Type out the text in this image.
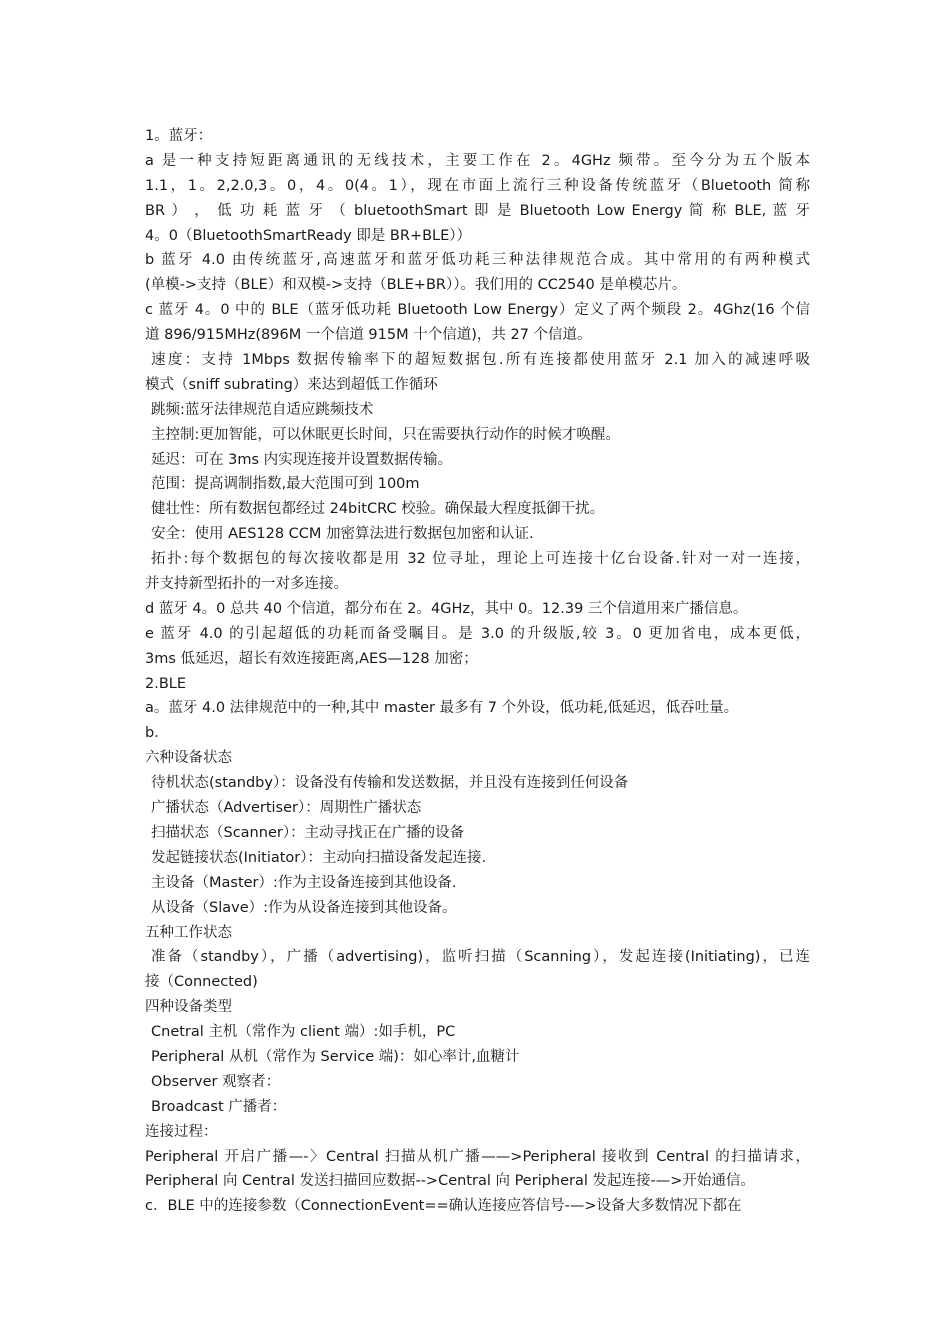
1。蓝牙：
a 是一种支持短距离通讯的无线技术，主要工作在 2。4GHz 频带。至今分为五个版本
1.1，1。2,2.0,3。0，4。0(4。1），现在市面上流行三种设备传统蓝牙（Bluetooth 简称
BR ） ， 低 功 耗 蓝 牙 （ bluetoothSmart 即 是 Bluetooth Low Energy 简 称 BLE, 蓝 牙
4。0（BluetoothSmartReady 即是 BR+BLE））
b 蓝牙 4.0 由传统蓝牙,高速蓝牙和蓝牙低功耗三种法律规范合成。其中常用的有两种模式
(单模->支持（BLE）和双模->支持（BLE+BR））。我们用的 CC2540 是单模芯片。
c 蓝牙 4。0 中的 BLE（蓝牙低功耗 Bluetooth Low Energy）定义了两个频段 2。4Ghz(16 个信
道 896/915MHz(896M 一个信道 915M 十个信道)，共 27 个信道。
速度：支持 1Mbps 数据传输率下的超短数据包.所有连接都使用蓝牙 2.1 加入的减速呼吸
模式（sniff subrating）来达到超低工作循环
跳频:蓝牙法律规范自适应跳频技术
主控制:更加智能，可以休眠更长时间，只在需要执行动作的时候才唤醒。
延迟：可在 3ms 内实现连接并设置数据传输。
范围：提高调制指数,最大范围可到 100m
健壮性：所有数据包都经过 24bitCRC 校验。确保最大程度抵御干扰。
安全：使用 AES128 CCM 加密算法进行数据包加密和认证.
拓扑:每个数据包的每次接收都是用 32 位寻址，理论上可连接十亿台设备.针对一对一连接，
并支持新型拓扑的一对多连接。
d 蓝牙 4。0 总共 40 个信道，都分布在 2。4GHz，其中 0。12.39 三个信道用来广播信息。
e 蓝牙 4.0 的引起超低的功耗而备受瞩目。是 3.0 的升级版,较 3。0 更加省电，成本更低，
3ms 低延迟，超长有效连接距离,AES—128 加密；
2.BLE
a。蓝牙 4.0 法律规范中的一种,其中 master 最多有 7 个外设，低功耗,低延迟，低吞吐量。
b．
六种设备状态
待机状态(standby）：设备没有传输和发送数据，并且没有连接到任何设备
广播状态（Advertiser）：周期性广播状态
扫描状态（Scanner）：主动寻找正在广播的设备
发起链接状态(Initiator）：主动向扫描设备发起连接.
主设备（Master）:作为主设备连接到其他设备.
从设备（Slave）:作为从设备连接到其他设备。
五种工作状态
准备（standby），广播（advertising)，监听扫描（Scanning），发起连接(Initiating)，已连
接（Connected)
四种设备类型
Cnetral 主机（常作为 client 端）:如手机，PC
Peripheral 从机（常作为 Service 端)：如心率计,血糖计
Observer 观察者：
Broadcast 广播者：
连接过程：
Peripheral 开启广播—-〉Central 扫描从机广播——>Peripheral 接收到 Central 的扫描请求，
Peripheral 向 Central 发送扫描回应数据-->Central 向 Peripheral 发起连接-—>开始通信。
c．BLE 中的连接参数（ConnectionEvent==确认连接应答信号-—>设备大多数情况下都在
